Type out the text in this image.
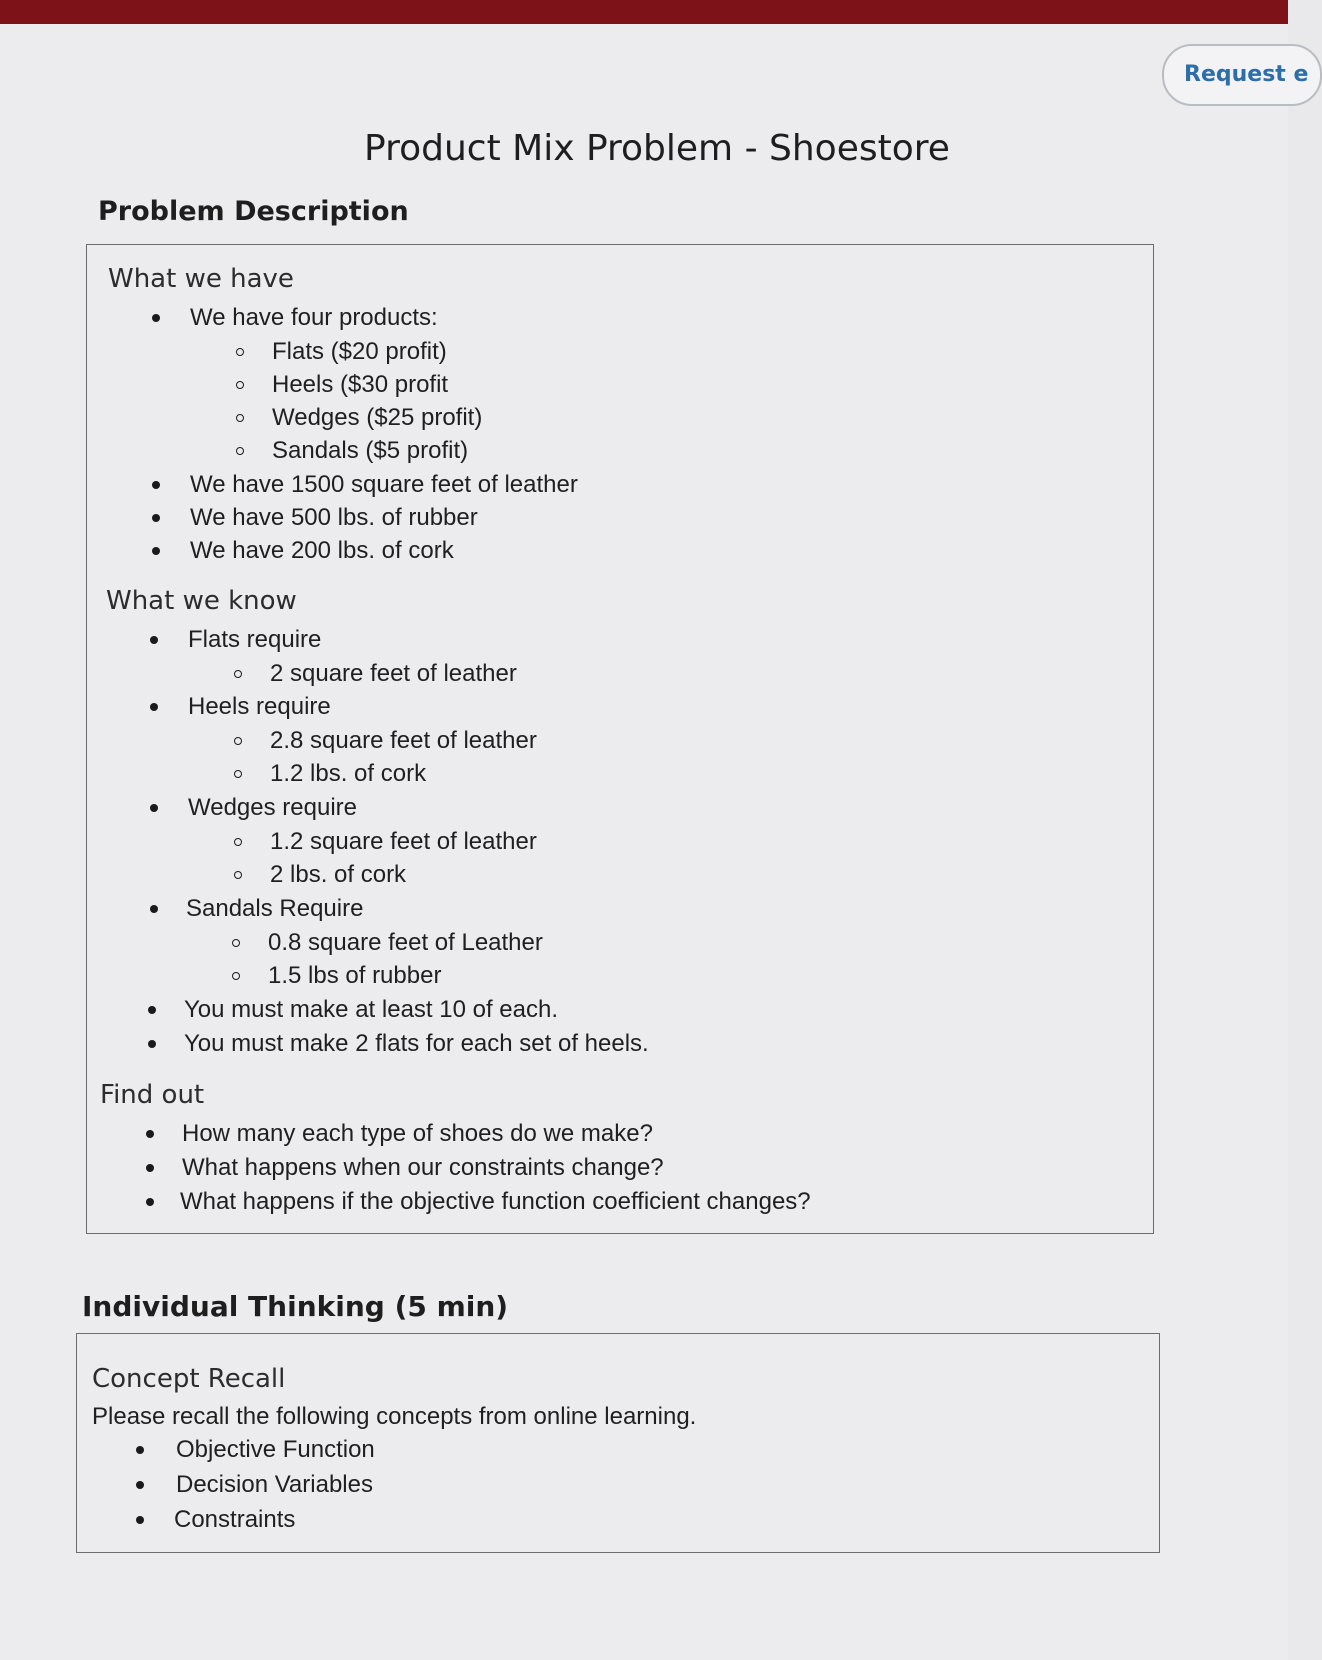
Request e
Product Mix Problem - Shoestore
Problem Description
What we have
We have four products:
Flats ($20 profit)
Heels ($30 profit
Wedges ($25 profit)
Sandals ($5 profit)
We have 1500 square feet of leather
We have 500 lbs. of rubber
We have 200 lbs. of cork
What we know
Flats require
2 square feet of leather
Heels require
2.8 square feet of leather
1.2 lbs. of cork
Wedges require
1.2 square feet of leather
2 lbs. of cork
Sandals Require
0.8 square feet of Leather
1.5 lbs of rubber
You must make at least 10 of each.
You must make 2 flats for each set of heels.
Find out
How many each type of shoes do we make?
What happens when our constraints change?
What happens if the objective function coefficient changes?
Individual Thinking (5 min)
Concept Recall
Please recall the following concepts from online learning.
Objective Function
Decision Variables
Constraints
